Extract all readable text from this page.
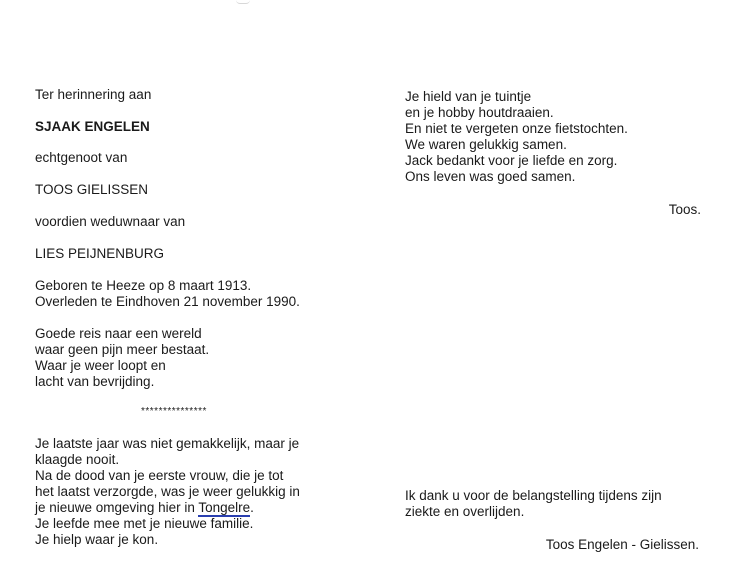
Ter herinnering aan
SJAAK ENGELEN
echtgenoot van
TOOS GIELISSEN
voordien weduwnaar van
LIES PEIJNENBURG
Geboren te Heeze op 8 maart 1913.
Overleden te Eindhoven 21 november 1990.
Goede reis naar een wereld
waar geen pijn meer bestaat.
Waar je weer loopt en
lacht van bevrijding.
***************
Je laatste jaar was niet gemakkelijk, maar je
klaagde nooit.
Na de dood van je eerste vrouw, die je tot
het laatst verzorgde, was je weer gelukkig in
je nieuwe omgeving hier in Tongelre.
Je leefde mee met je nieuwe familie.
Je hielp waar je kon.
Je hield van je tuintje
en je hobby houtdraaien.
En niet te vergeten onze fietstochten.
We waren gelukkig samen.
Jack bedankt voor je liefde en zorg.
Ons leven was goed samen.
Toos.
Ik dank u voor de belangstelling tijdens zijn
ziekte en overlijden.
Toos Engelen - Gielissen.
